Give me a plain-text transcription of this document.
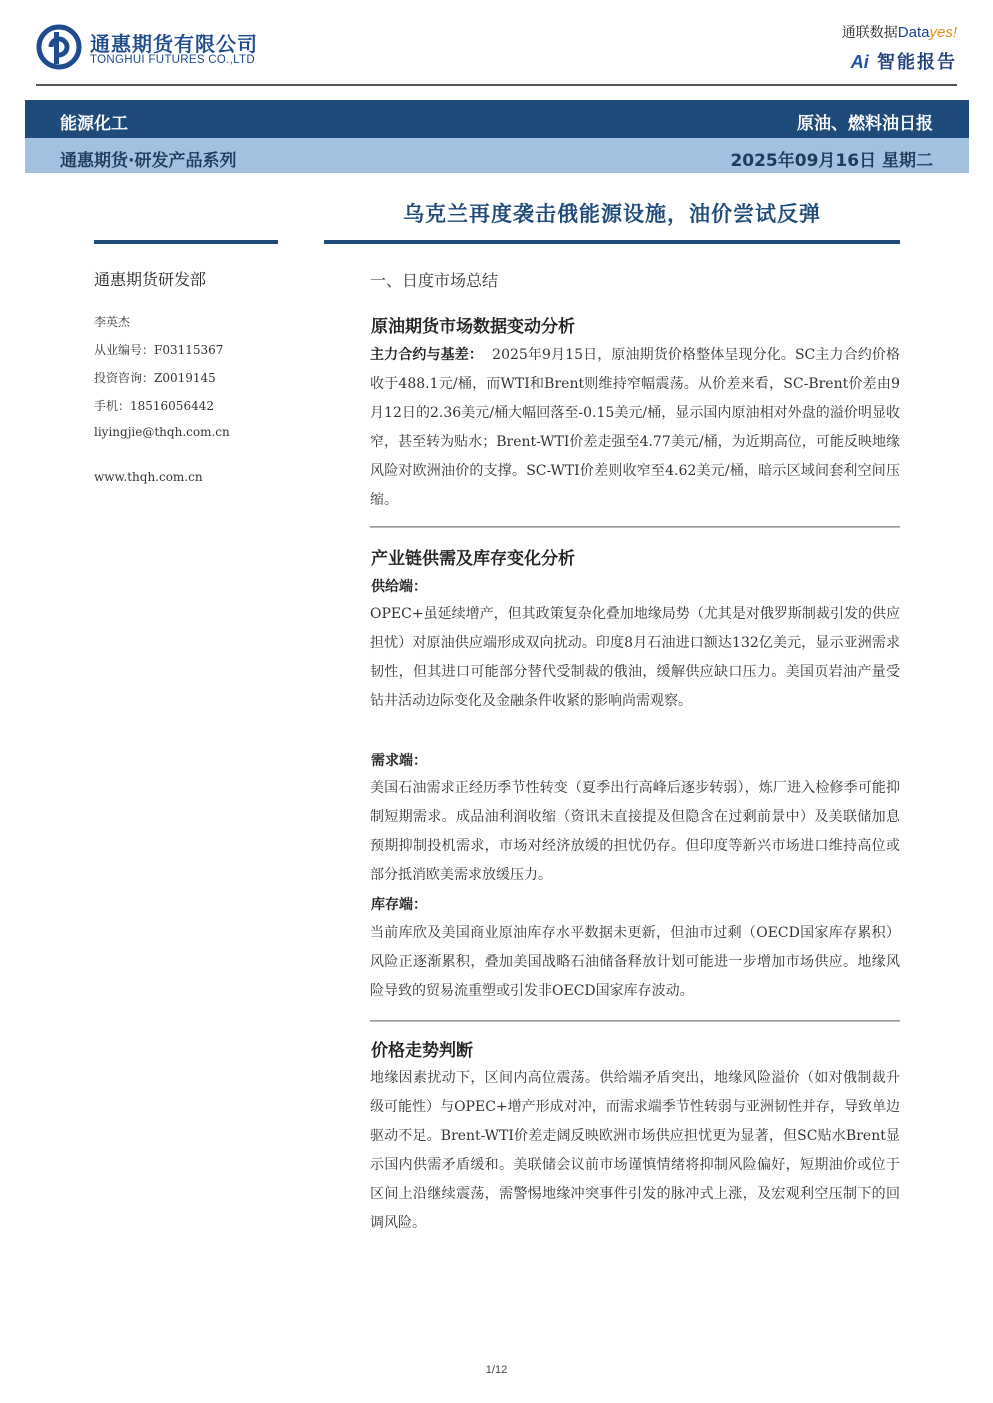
通惠期货有限公司
TONGHUI FUTURES CO.,LTD
通联数据Datayes!
Ai 智能报告
能源化工	原油、燃料油日报
通惠期货·研发产品系列	2025年09月16日 星期二
乌克兰再度袭击俄能源设施，油价尝试反弹
通惠期货研发部
李英杰
从业编号：F03115367
投资咨询：Z0019145
手机：18516056442
liyingjie@thqh.com.cn
www.thqh.com.cn
一、日度市场总结
原油期货市场数据变动分析
主力合约与基差： 2025年9月15日，原油期货价格整体呈现分化。SC主力合约价格收于488.1元/桶，而WTI和Brent则维持窄幅震荡。从价差来看，SC-Brent价差由9月12日的2.36美元/桶大幅回落至-0.15美元/桶，显示国内原油相对外盘的溢价明显收窄，甚至转为贴水；Brent-WTI价差走强至4.77美元/桶，为近期高位，可能反映地缘风险对欧洲油价的支撑。SC-WTI价差则收窄至4.62美元/桶，暗示区域间套利空间压缩。
产业链供需及库存变化分析
供给端：
OPEC+虽延续增产，但其政策复杂化叠加地缘局势（尤其是对俄罗斯制裁引发的供应担忧）对原油供应端形成双向扰动。印度8月石油进口额达132亿美元，显示亚洲需求韧性，但其进口可能部分替代受制裁的俄油，缓解供应缺口压力。美国页岩油产量受钻井活动边际变化及金融条件收紧的影响尚需观察。
需求端：
美国石油需求正经历季节性转变（夏季出行高峰后逐步转弱），炼厂进入检修季可能抑制短期需求。成品油利润收缩（资讯未直接提及但隐含在过剩前景中）及美联储加息预期抑制投机需求，市场对经济放缓的担忧仍存。但印度等新兴市场进口维持高位或部分抵消欧美需求放缓压力。
库存端：
当前库欣及美国商业原油库存水平数据未更新，但油市过剩（OECD国家库存累积）风险正逐渐累积，叠加美国战略石油储备释放计划可能进一步增加市场供应。地缘风险导致的贸易流重塑或引发非OECD国家库存波动。
价格走势判断
地缘因素扰动下，区间内高位震荡。供给端矛盾突出，地缘风险溢价（如对俄制裁升级可能性）与OPEC+增产形成对冲，而需求端季节性转弱与亚洲韧性并存，导致单边驱动不足。Brent-WTI价差走阔反映欧洲市场供应担忧更为显著，但SC贴水Brent显示国内供需矛盾缓和。美联储会议前市场谨慎情绪将抑制风险偏好，短期油价或位于区间上沿继续震荡，需警惕地缘冲突事件引发的脉冲式上涨，及宏观利空压制下的回调风险。
1/12
